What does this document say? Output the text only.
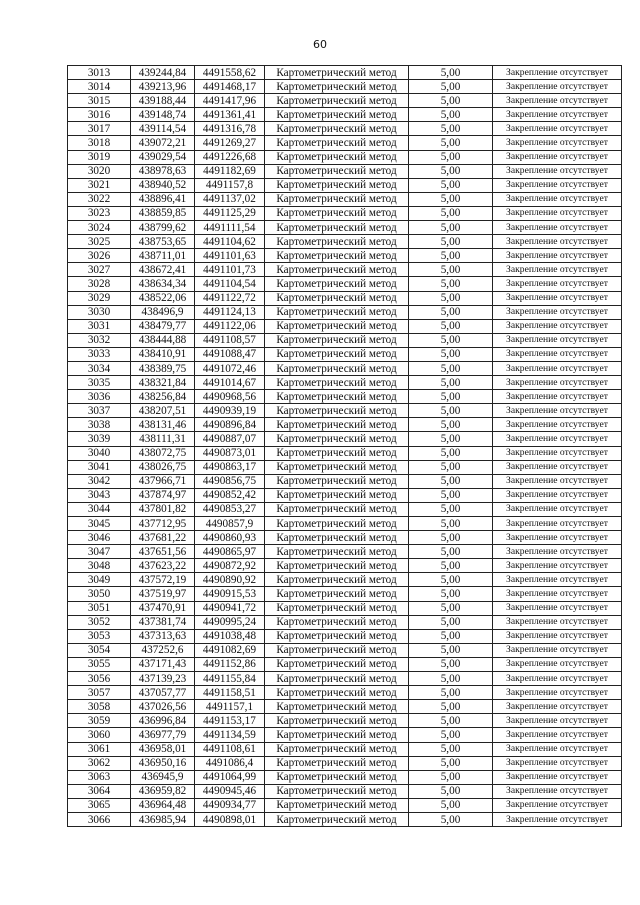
60
3013	439244,84	4491558,62	Картометрический метод	5,00	Закрепление отсутствует
3014	439213,96	4491468,17	Картометрический метод	5,00	Закрепление отсутствует
3015	439188,44	4491417,96	Картометрический метод	5,00	Закрепление отсутствует
3016	439148,74	4491361,41	Картометрический метод	5,00	Закрепление отсутствует
3017	439114,54	4491316,78	Картометрический метод	5,00	Закрепление отсутствует
3018	439072,21	4491269,27	Картометрический метод	5,00	Закрепление отсутствует
3019	439029,54	4491226,68	Картометрический метод	5,00	Закрепление отсутствует
3020	438978,63	4491182,69	Картометрический метод	5,00	Закрепление отсутствует
3021	438940,52	4491157,8	Картометрический метод	5,00	Закрепление отсутствует
3022	438896,41	4491137,02	Картометрический метод	5,00	Закрепление отсутствует
3023	438859,85	4491125,29	Картометрический метод	5,00	Закрепление отсутствует
3024	438799,62	4491111,54	Картометрический метод	5,00	Закрепление отсутствует
3025	438753,65	4491104,62	Картометрический метод	5,00	Закрепление отсутствует
3026	438711,01	4491101,63	Картометрический метод	5,00	Закрепление отсутствует
3027	438672,41	4491101,73	Картометрический метод	5,00	Закрепление отсутствует
3028	438634,34	4491104,54	Картометрический метод	5,00	Закрепление отсутствует
3029	438522,06	4491122,72	Картометрический метод	5,00	Закрепление отсутствует
3030	438496,9	4491124,13	Картометрический метод	5,00	Закрепление отсутствует
3031	438479,77	4491122,06	Картометрический метод	5,00	Закрепление отсутствует
3032	438444,88	4491108,57	Картометрический метод	5,00	Закрепление отсутствует
3033	438410,91	4491088,47	Картометрический метод	5,00	Закрепление отсутствует
3034	438389,75	4491072,46	Картометрический метод	5,00	Закрепление отсутствует
3035	438321,84	4491014,67	Картометрический метод	5,00	Закрепление отсутствует
3036	438256,84	4490968,56	Картометрический метод	5,00	Закрепление отсутствует
3037	438207,51	4490939,19	Картометрический метод	5,00	Закрепление отсутствует
3038	438131,46	4490896,84	Картометрический метод	5,00	Закрепление отсутствует
3039	438111,31	4490887,07	Картометрический метод	5,00	Закрепление отсутствует
3040	438072,75	4490873,01	Картометрический метод	5,00	Закрепление отсутствует
3041	438026,75	4490863,17	Картометрический метод	5,00	Закрепление отсутствует
3042	437966,71	4490856,75	Картометрический метод	5,00	Закрепление отсутствует
3043	437874,97	4490852,42	Картометрический метод	5,00	Закрепление отсутствует
3044	437801,82	4490853,27	Картометрический метод	5,00	Закрепление отсутствует
3045	437712,95	4490857,9	Картометрический метод	5,00	Закрепление отсутствует
3046	437681,22	4490860,93	Картометрический метод	5,00	Закрепление отсутствует
3047	437651,56	4490865,97	Картометрический метод	5,00	Закрепление отсутствует
3048	437623,22	4490872,92	Картометрический метод	5,00	Закрепление отсутствует
3049	437572,19	4490890,92	Картометрический метод	5,00	Закрепление отсутствует
3050	437519,97	4490915,53	Картометрический метод	5,00	Закрепление отсутствует
3051	437470,91	4490941,72	Картометрический метод	5,00	Закрепление отсутствует
3052	437381,74	4490995,24	Картометрический метод	5,00	Закрепление отсутствует
3053	437313,63	4491038,48	Картометрический метод	5,00	Закрепление отсутствует
3054	437252,6	4491082,69	Картометрический метод	5,00	Закрепление отсутствует
3055	437171,43	4491152,86	Картометрический метод	5,00	Закрепление отсутствует
3056	437139,23	4491155,84	Картометрический метод	5,00	Закрепление отсутствует
3057	437057,77	4491158,51	Картометрический метод	5,00	Закрепление отсутствует
3058	437026,56	4491157,1	Картометрический метод	5,00	Закрепление отсутствует
3059	436996,84	4491153,17	Картометрический метод	5,00	Закрепление отсутствует
3060	436977,79	4491134,59	Картометрический метод	5,00	Закрепление отсутствует
3061	436958,01	4491108,61	Картометрический метод	5,00	Закрепление отсутствует
3062	436950,16	4491086,4	Картометрический метод	5,00	Закрепление отсутствует
3063	436945,9	4491064,99	Картометрический метод	5,00	Закрепление отсутствует
3064	436959,82	4490945,46	Картометрический метод	5,00	Закрепление отсутствует
3065	436964,48	4490934,77	Картометрический метод	5,00	Закрепление отсутствует
3066	436985,94	4490898,01	Картометрический метод	5,00	Закрепление отсутствует
